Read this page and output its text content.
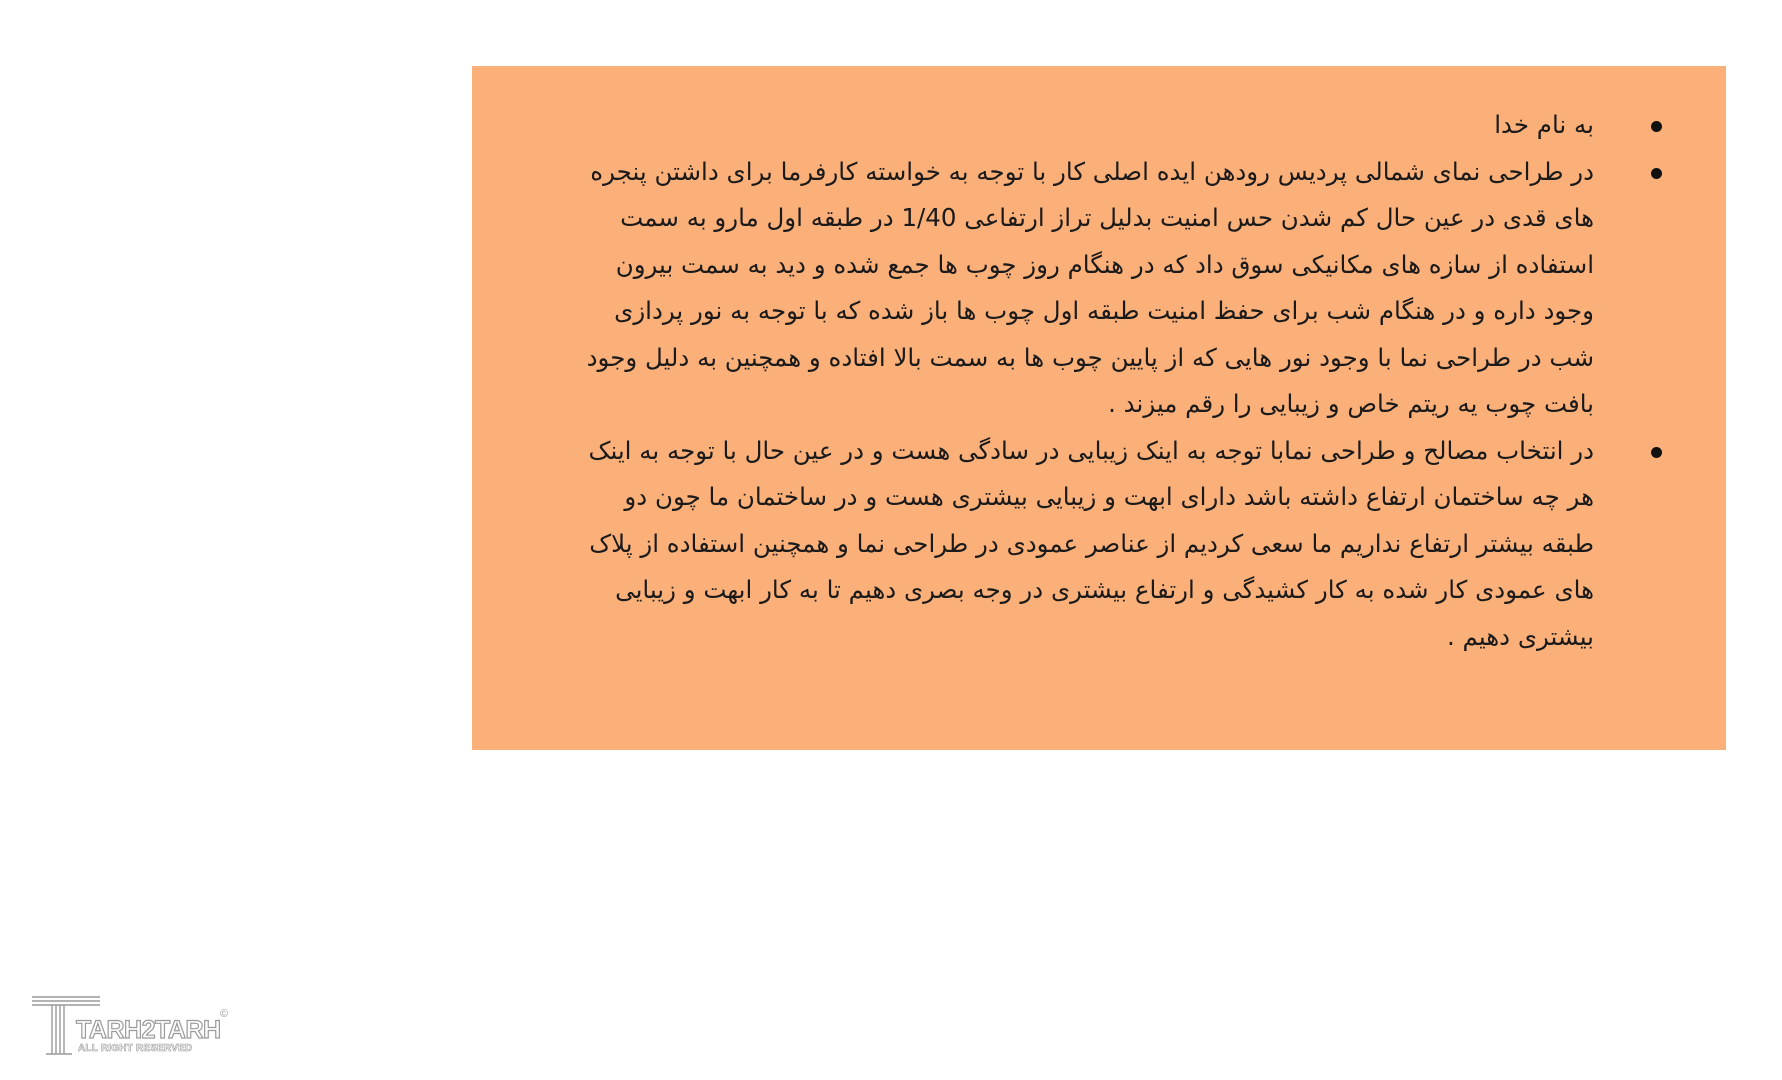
به نام خدا
در طراحی نمای شمالی پردیس رودهن ایده اصلی کار با توجه به خواسته کارفرما برای داشتن پنجره های قدی در عین حال کم شدن حس امنیت بدلیل تراز ارتفاعی 1/40 در طبقه اول مارو به سمت استفاده از سازه های مکانیکی سوق داد که در هنگام روز چوب ها جمع شده و دید به سمت بیرون وجود داره و در هنگام شب برای حفظ امنیت طبقه اول چوب ها باز شده که با توجه به نور پردازی شب در طراحی نما با وجود نور هایی که از پایین چوب ها به سمت بالا افتاده و همچنین به دلیل وجود بافت چوب یه ریتم خاص و زیبایی را رقم میزند .
در انتخاب مصالح و طراحی نمابا توجه به اینک زیبایی در سادگی هست و در عین حال با توجه به اینک هر چه ساختمان ارتفاع داشته باشد دارای ابهت و زیبایی بیشتری هست و در ساختمان ما چون دو طبقه بیشتر ارتفاع نداریم ما سعی کردیم از عناصر عمودی در طراحی نما و همچنین استفاده از پلاک های عمودی کار شده به کار کشیدگی و ارتفاع بیشتری در وجه بصری دهیم تا به کار ابهت و زیبایی بیشتری دهیم .
TARH2TARH
ALL RIGHT RESERVED
©
